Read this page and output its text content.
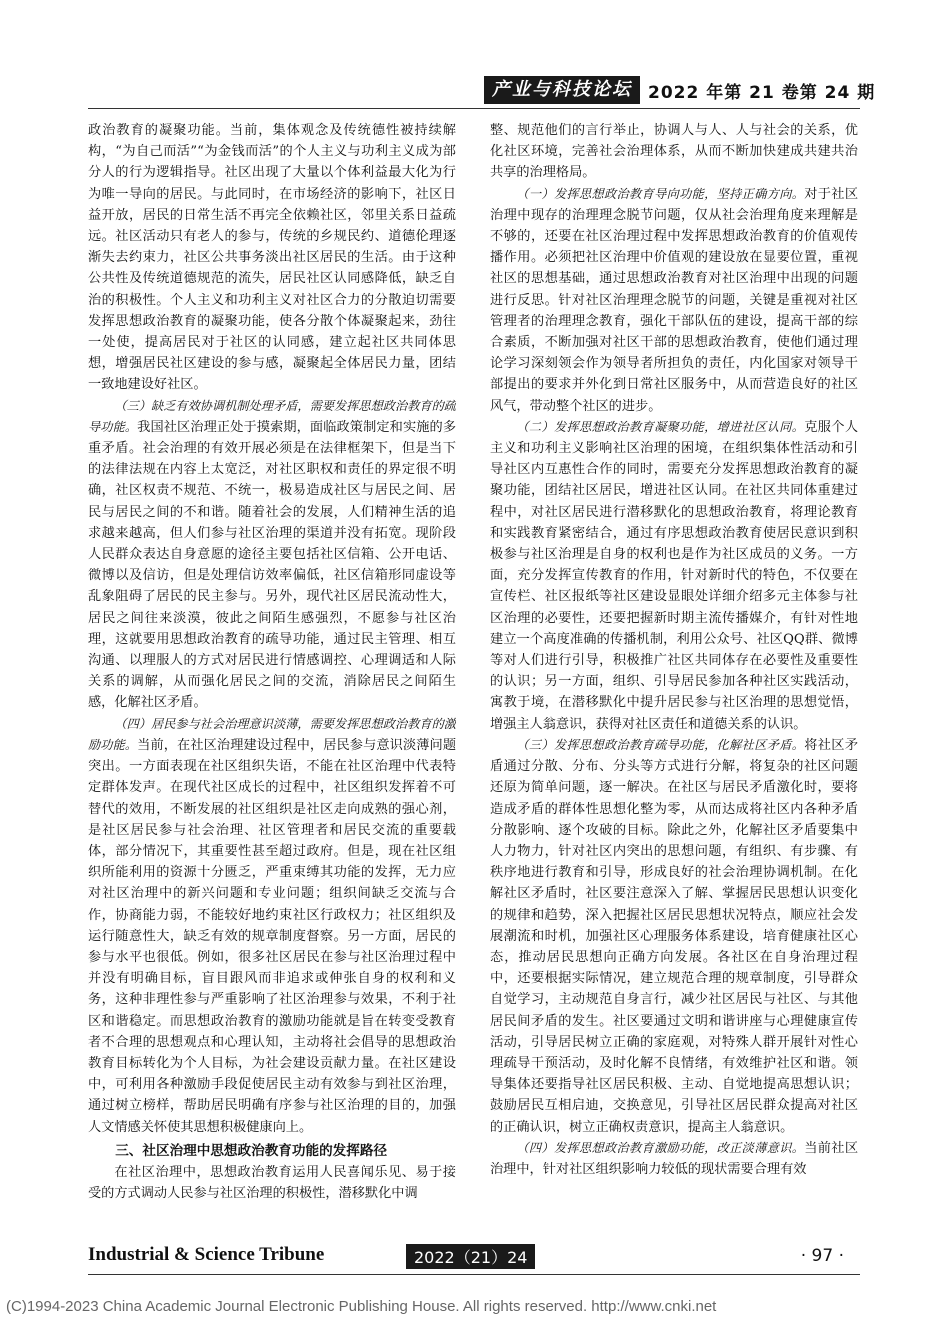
产业与科技论坛 2022 年第 21 卷第 24 期

政治教育的凝聚功能。当前，集体观念及传统德性被持续解构，“为自己而活”“为金钱而活”的个人主义与功利主义成为部分人的行为逻辑指导。社区出现了大量以个体利益最大化为行为唯一导向的居民。与此同时，在市场经济的影响下，社区日益开放，居民的日常生活不再完全依赖社区，邻里关系日益疏远。社区活动只有老人的参与，传统的乡规民约、道德伦理逐渐失去约束力，社区公共事务淡出社区居民的生活。由于这种公共性及传统道德规范的流失，居民社区认同感降低，缺乏自治的积极性。个人主义和功利主义对社区合力的分散迫切需要发挥思想政治教育的凝聚功能，使各分散个体凝聚起来，劲往一处使，提高居民对于社区的认同感，建立起社区共同体思想，增强居民社区建设的参与感，凝聚起全体居民力量，团结一致地建设好社区。

（三）缺乏有效协调机制处理矛盾，需要发挥思想政治教育的疏导功能。我国社区治理正处于摸索期，面临政策制定和实施的多重矛盾。社会治理的有效开展必须是在法律框架下，但是当下的法律法规在内容上太宽泛，对社区职权和责任的界定很不明确，社区权责不规范、不统一，极易造成社区与居民之间、居民与居民之间的不和谐。随着社会的发展，人们精神生活的追求越来越高，但人们参与社区治理的渠道并没有拓宽。现阶段人民群众表达自身意愿的途径主要包括社区信箱、公开电话、微博以及信访，但是处理信访效率偏低，社区信箱形同虚设等乱象阻碍了居民的民主参与。另外，现代社区居民流动性大，居民之间往来淡漠，彼此之间陌生感强烈，不愿参与社区治理，这就要用思想政治教育的疏导功能，通过民主管理、相互沟通、以理服人的方式对居民进行情感调控、心理调适和人际关系的调解，从而强化居民之间的交流，消除居民之间陌生感，化解社区矛盾。

（四）居民参与社会治理意识淡薄，需要发挥思想政治教育的激励功能。当前，在社区治理建设过程中，居民参与意识淡薄问题突出。一方面表现在社区组织失语，不能在社区治理中代表特定群体发声。在现代社区成长的过程中，社区组织发挥着不可替代的效用，不断发展的社区组织是社区走向成熟的强心剂，是社区居民参与社会治理、社区管理者和居民交流的重要载体，部分情况下，其重要性甚至超过政府。但是，现在社区组织所能利用的资源十分匮乏，严重束缚其功能的发挥，无力应对社区治理中的新兴问题和专业问题；组织间缺乏交流与合作，协商能力弱，不能较好地约束社区行政权力；社区组织及运行随意性大，缺乏有效的规章制度督察。另一方面，居民的参与水平也很低。例如，很多社区居民在参与社区治理过程中并没有明确目标，盲目跟风而非追求或伸张自身的权利和义务，这种非理性参与严重影响了社区治理参与效果，不利于社区和谐稳定。而思想政治教育的激励功能就是旨在转变受教育者不合理的思想观点和心理认知，主动将社会倡导的思想政治教育目标转化为个人目标，为社会建设贡献力量。在社区建设中，可利用各种激励手段促使居民主动有效参与到社区治理，通过树立榜样，帮助居民明确有序参与社区治理的目的，加强人文情感关怀使其思想积极健康向上。

三、社区治理中思想政治教育功能的发挥路径

在社区治理中，思想政治教育运用人民喜闻乐见、易于接受的方式调动人民参与社区治理的积极性，潜移默化中调

整、规范他们的言行举止，协调人与人、人与社会的关系，优化社区环境，完善社会治理体系，从而不断加快建成共建共治共享的治理格局。

（一）发挥思想政治教育导向功能，坚持正确方向。对于社区治理中现存的治理理念脱节问题，仅从社会治理角度来理解是不够的，还要在社区治理过程中发挥思想政治教育的价值观传播作用。必须把社区治理中价值观的建设放在显要位置，重视社区的思想基础，通过思想政治教育对社区治理中出现的问题进行反思。针对社区治理理念脱节的问题，关键是重视对社区管理者的治理理念教育，强化干部队伍的建设，提高干部的综合素质，不断加强对社区干部的思想政治教育，使他们通过理论学习深刻领会作为领导者所担负的责任，内化国家对领导干部提出的要求并外化到日常社区服务中，从而营造良好的社区风气，带动整个社区的进步。

（二）发挥思想政治教育凝聚功能，增进社区认同。克服个人主义和功利主义影响社区治理的困境，在组织集体性活动和引导社区内互惠性合作的同时，需要充分发挥思想政治教育的凝聚功能，团结社区居民，增进社区认同。在社区共同体重建过程中，对社区居民进行潜移默化的思想政治教育，将理论教育和实践教育紧密结合，通过有序思想政治教育使居民意识到积极参与社区治理是自身的权利也是作为社区成员的义务。一方面，充分发挥宣传教育的作用，针对新时代的特色，不仅要在宣传栏、社区报纸等社区建设显眼处详细介绍多元主体参与社区治理的必要性，还要把握新时期主流传播媒介，有针对性地建立一个高度准确的传播机制，利用公众号、社区QQ群、微博等对人们进行引导，积极推广社区共同体存在必要性及重要性的认识；另一方面，组织、引导居民参加各种社区实践活动，寓教于境，在潜移默化中提升居民参与社区治理的思想觉悟，增强主人翁意识，获得对社区责任和道德关系的认识。

（三）发挥思想政治教育疏导功能，化解社区矛盾。将社区矛盾通过分散、分布、分头等方式进行分解，将复杂的社区问题还原为简单问题，逐一解决。在社区与居民矛盾激化时，要将造成矛盾的群体性思想化整为零，从而达成将社区内各种矛盾分散影响、逐个攻破的目标。除此之外，化解社区矛盾要集中人力物力，针对社区内突出的思想问题，有组织、有步骤、有秩序地进行教育和引导，形成良好的社会治理协调机制。在化解社区矛盾时，社区要注意深入了解、掌握居民思想认识变化的规律和趋势，深入把握社区居民思想状况特点，顺应社会发展潮流和时机，加强社区心理服务体系建设，培育健康社区心态，推动居民思想向正确方向发展。各社区在自身治理过程中，还要根据实际情况，建立规范合理的规章制度，引导群众自觉学习，主动规范自身言行，减少社区居民与社区、与其他居民间矛盾的发生。社区要通过文明和谐讲座与心理健康宣传活动，引导居民树立正确的家庭观，对特殊人群开展针对性心理疏导干预活动，及时化解不良情绪，有效维护社区和谐。领导集体还要指导社区居民积极、主动、自觉地提高思想认识；鼓励居民互相启迪，交换意见，引导社区居民群众提高对社区的正确认识，树立正确权责意识，提高主人翁意识。

（四）发挥思想政治教育激励功能，改正淡薄意识。当前社区治理中，针对社区组织影响力较低的现状需要合理有效

Industrial & Science Tribune	2022（21）24	· 97 ·
(C)1994-2023 China Academic Journal Electronic Publishing House. All rights reserved. http://www.cnki.net
